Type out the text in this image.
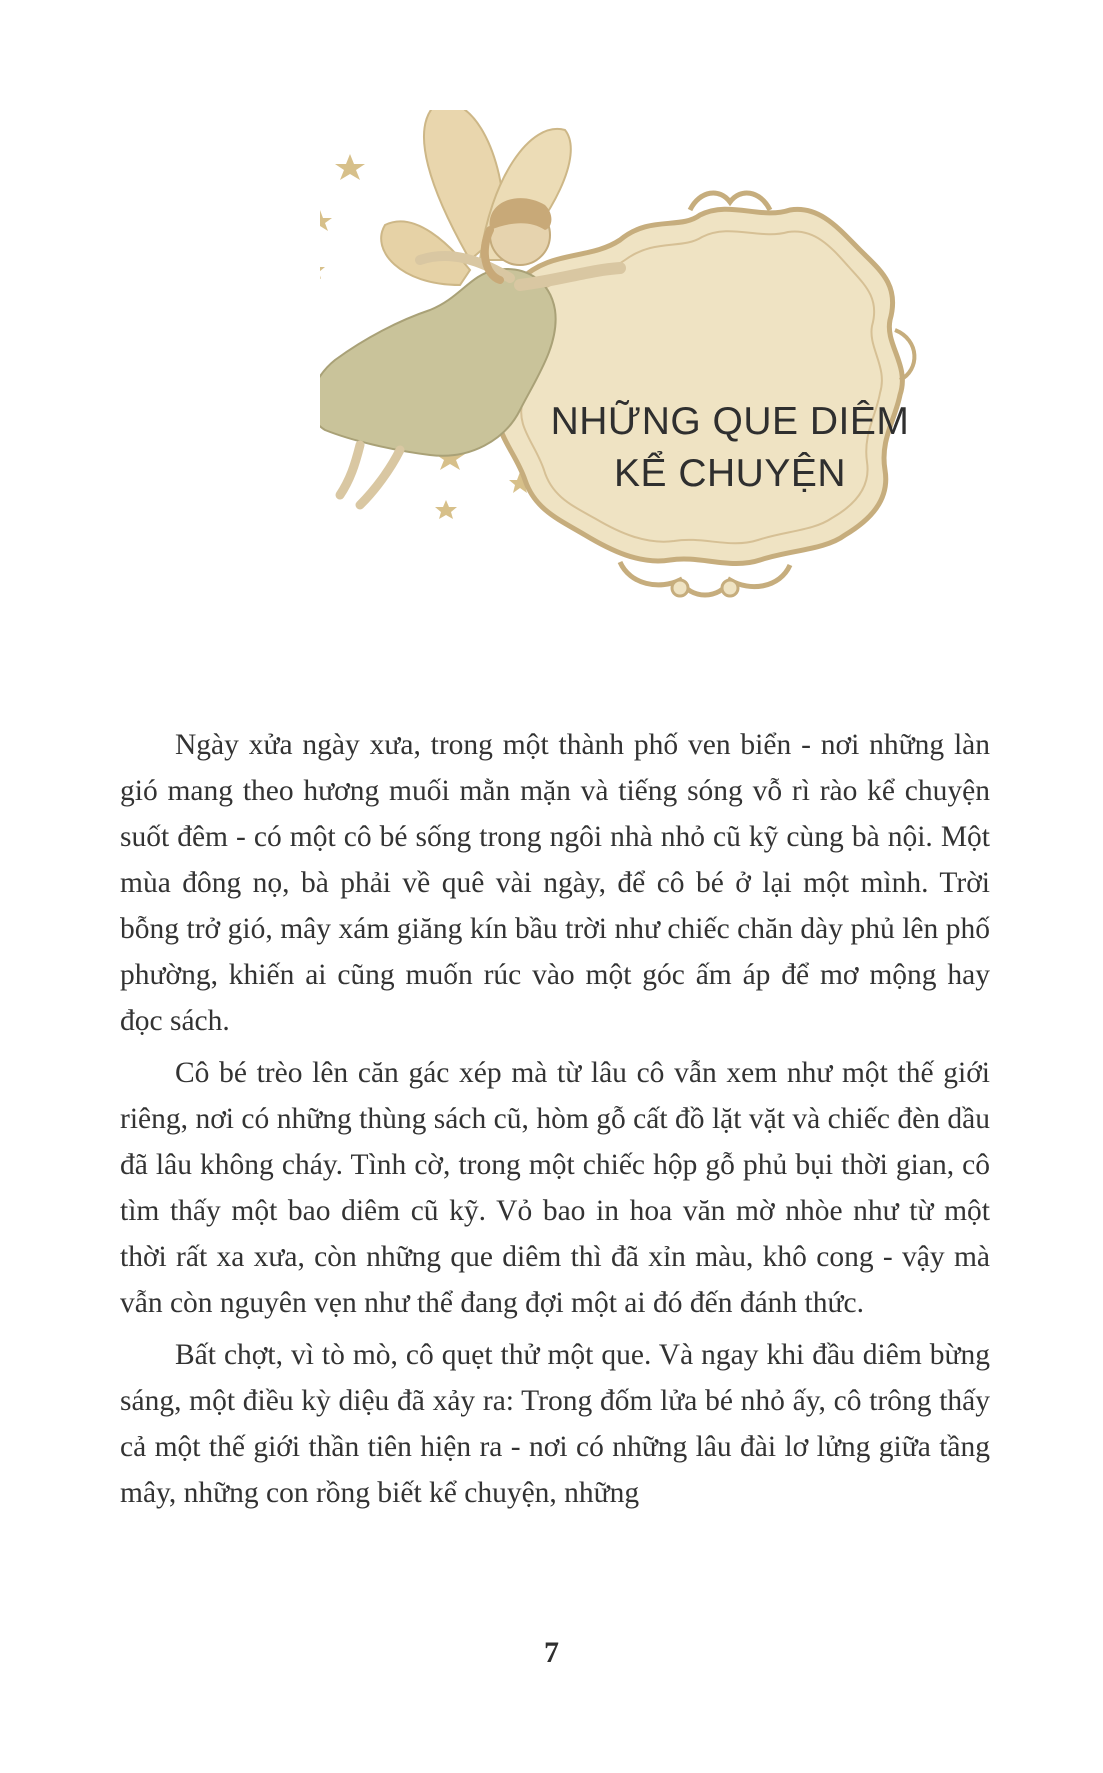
NHỮNG QUE DIÊM
KỂ CHUYỆN

Ngày xửa ngày xưa, trong một thành phố ven biển - nơi những làn gió mang theo hương muối mằn mặn và tiếng sóng vỗ rì rào kể chuyện suốt đêm - có một cô bé sống trong ngôi nhà nhỏ cũ kỹ cùng bà nội. Một mùa đông nọ, bà phải về quê vài ngày, để cô bé ở lại một mình. Trời bỗng trở gió, mây xám giăng kín bầu trời như chiếc chăn dày phủ lên phố phường, khiến ai cũng muốn rúc vào một góc ấm áp để mơ mộng hay đọc sách.

Cô bé trèo lên căn gác xép mà từ lâu cô vẫn xem như một thế giới riêng, nơi có những thùng sách cũ, hòm gỗ cất đồ lặt vặt và chiếc đèn dầu đã lâu không cháy. Tình cờ, trong một chiếc hộp gỗ phủ bụi thời gian, cô tìm thấy một bao diêm cũ kỹ. Vỏ bao in hoa văn mờ nhòe như từ một thời rất xa xưa, còn những que diêm thì đã xỉn màu, khô cong - vậy mà vẫn còn nguyên vẹn như thể đang đợi một ai đó đến đánh thức.

Bất chợt, vì tò mò, cô quẹt thử một que. Và ngay khi đầu diêm bừng sáng, một điều kỳ diệu đã xảy ra: Trong đốm lửa bé nhỏ ấy, cô trông thấy cả một thế giới thần tiên hiện ra - nơi có những lâu đài lơ lửng giữa tầng mây, những con rồng biết kể chuyện, những

7
